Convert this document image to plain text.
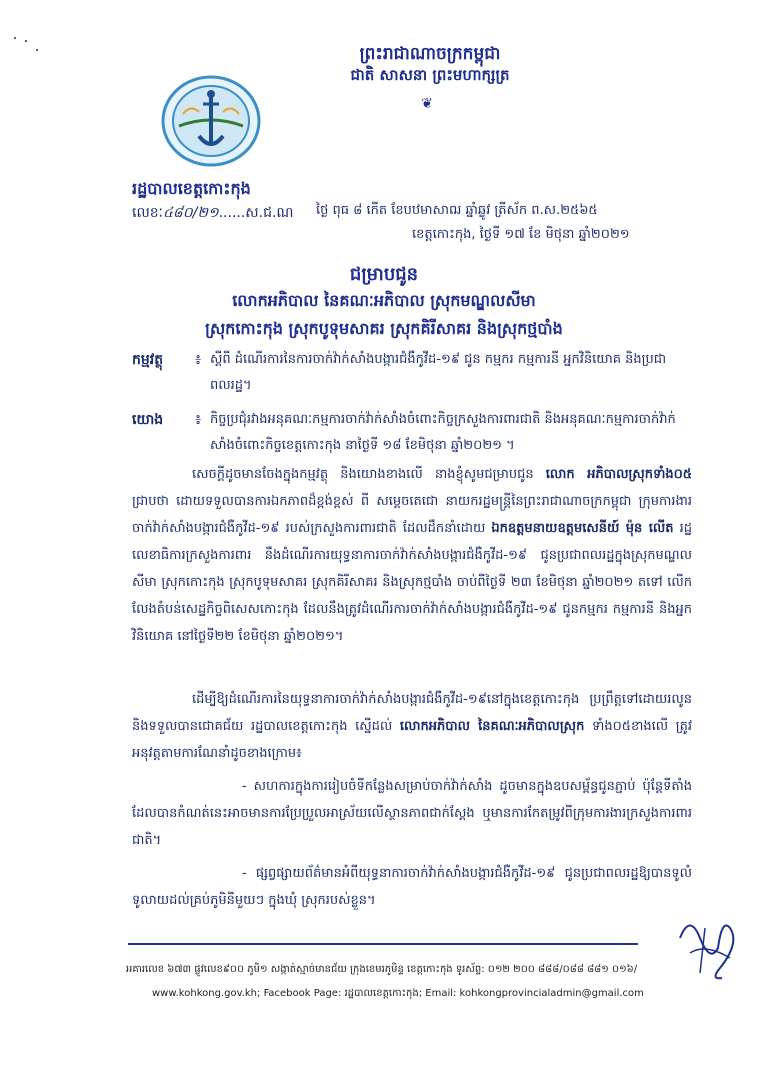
ព្រះរាជាណាចក្រកម្ពុជា
ជាតិ សាសនា ព្រះមហាក្សត្រ
❦
រដ្ឋបាលខេត្តកោះកុង
លេខៈ៤៨០/២១......ស.ជ.ណ ថ្ងៃ ពុធ ៨ កើត ខែបឋមាសាឍ ឆ្នាំឆ្លូវ ត្រីស័ក ព.ស.២៥៦៥
ខេត្តកោះកុង, ថ្ងៃទី ១៧ ខែ មិថុនា ឆ្នាំ២០២១
ជម្រាបជូន
លោកអភិបាល នៃគណៈអភិបាល ស្រុកមណ្ឌលសីមា
ស្រុកកោះកុង ស្រុកបូទុមសាគរ ស្រុកគិរីសាគរ និងស្រុកថ្មបាំង
កម្មវត្ថុ ៖ ស្តីពី ដំណើរការនៃការចាក់វ៉ាក់សាំងបង្ការជំងឺកូវីដ-១៩ ជូន កម្មករ កម្មការនី អ្នកវិនិយោគ និងប្រជាពលរដ្ឋ។
យោង ៖ កិច្ចប្រជុំរវាងអនុគណៈកម្មការចាក់វ៉ាក់សាំងចំពោះកិច្ចក្រសួងការពារជាតិ និងអនុគណៈកម្មការចាក់វ៉ាក់សាំងចំពោះកិច្ចខេត្តកោះកុង នាថ្ងៃទី ១៨ ខែមិថុនា ឆ្នាំ២០២១ ។
សេចក្តីដូចមានចែងក្នុងកម្មវត្ថុ និងយោងខាងលើ នាងខ្ញុំសូមជម្រាបជូន លោក អភិបាលស្រុកទាំង០៥ ជ្រាបថា ដោយទទួលបានការឯកភាពដ៏ខ្ពង់ខ្ពស់ ពី សម្តេចតេជោ នាយករដ្ឋមន្ត្រីនៃព្រះរាជាណាចក្រកម្ពុជា ក្រុមការងារចាក់វ៉ាក់សាំងបង្ការជំងឺកូវីដ-១៩ របស់ក្រសួងការពារជាតិ ដែលដឹកនាំដោយ ឯកឧត្តមនាយឧត្តមសេនីយ៍ ម៉ុន លើត រដ្ឋលេខាធិការក្រសួងការពារ នឹងដំណើរការយុទ្ធនាការចាក់វ៉ាក់សាំងបង្ការជំងឺកូវីដ-១៩ ជូនប្រជាពលរដ្ឋក្នុងស្រុកមណ្ឌលសីមា ស្រុកកោះកុង ស្រុកបូទុមសាគរ ស្រុកគិរីសាគរ និងស្រុកថ្មបាំង ចាប់ពីថ្ងៃទី ២៣ ខែមិថុនា ឆ្នាំ២០២១ តទៅ លើកលែងតំបន់សេដ្ឋកិច្ចពិសេសកោះកុង ដែលនឹងត្រូវដំណើរការចាក់វ៉ាក់សាំងបង្ការជំងឺកូវីដ-១៩ ជូនកម្មករ កម្មការនី និងអ្នកវិនិយោគ នៅថ្ងៃទី២២ ខែមិថុនា ឆ្នាំ២០២១។
ដើម្បីឱ្យដំណើរការនៃយុទ្ធនាការចាក់វ៉ាក់សាំងបង្ការជំងឺកូវីដ-១៩នៅក្នុងខេត្តកោះកុង ប្រព្រឹត្តទៅដោយរលូន និងទទួលបានជោគជ័យ រដ្ឋបាលខេត្តកោះកុង ស្នើដល់ លោកអភិបាល នៃគណៈអភិបាលស្រុក ទាំង០៥ខាងលើ ត្រូវអនុវត្តតាមការណែនាំដូចខាងក្រោម៖
- សហការក្នុងការរៀបចំទីកន្លែងសម្រាប់ចាក់វ៉ាក់សាំង ដូចមានក្នុងឧបសម្ព័ន្ធជូនភ្ជាប់ ប៉ុន្តែទីតាំងដែលបានកំណត់នេះអាចមានការប្រែប្រួលអាស្រ័យលើស្ថានភាពជាក់ស្តែង ឬមានការកែតម្រូវពីក្រុមការងារក្រសួងការពារជាតិ។
- ផ្សព្វផ្សាយព័ត៌មានអំពីយុទ្ធនាការចាក់វ៉ាក់សាំងបង្ការជំងឺកូវីដ-១៩ ជូនប្រជាពលរដ្ឋឱ្យបានទូលំទូលាយដល់គ្រប់ភូមិនីមួយៗ ក្នុងឃុំ ស្រុករបស់ខ្លួន។
អគារលេខ ៦៧៣ ផ្លូវលេខ៩០០ ភូមិ១ សង្កាត់ស្មាច់មានជ័យ ក្រុងខេមរភូមិន្ទ ខេត្តកោះកុង ទូរស័ព្ទ: ០១២ ២០០ ៨៨៨/០៨៨ ៨៨១ ០១៦/
www.kohkong.gov.kh; Facebook Page: រដ្ឋបាលខេត្តកោះកុង; Email: kohkongprovincialadmin@gmail.com
